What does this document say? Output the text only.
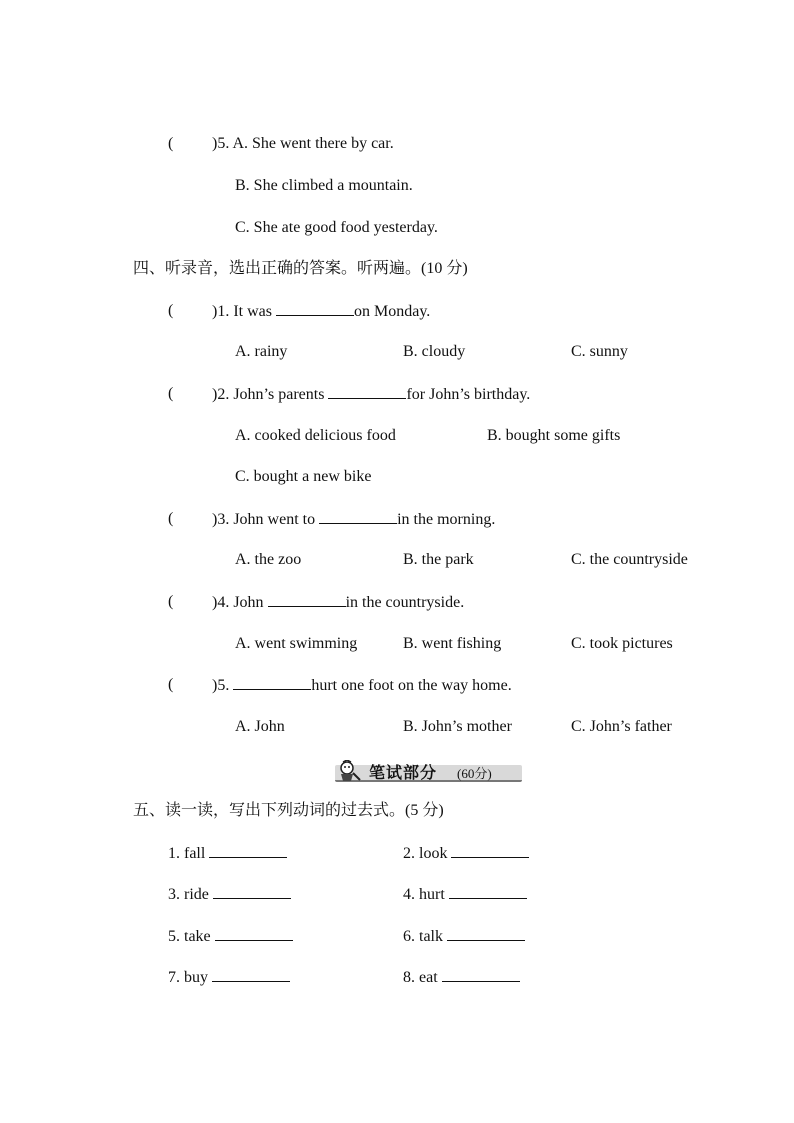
( )5. A. She went there by car.
B. She climbed a mountain.
C. She ate good food yesterday.
四、听录音，选出正确的答案。听两遍。(10 分)
( )1. It was	on Monday.
A. rainy	B. cloudy	C. sunny
( )2. John’s parents	for John’s birthday.
A. cooked delicious food	B. bought some gifts
C. bought a new bike
( )3. John went to	in the morning.
A. the zoo	B. the park	C. the countryside
( )4. John	in the countryside.
A. went swimming	B. went fishing	C. took pictures
( )5.	hurt one foot on the way home.
A. John	B. John’s mother	C. John’s father
笔试部分 (60分)
五、读一读，写出下列动词的过去式。(5 分)
1. fall	2. look
3. ride	4. hurt
5. take	6. talk
7. buy	8. eat
